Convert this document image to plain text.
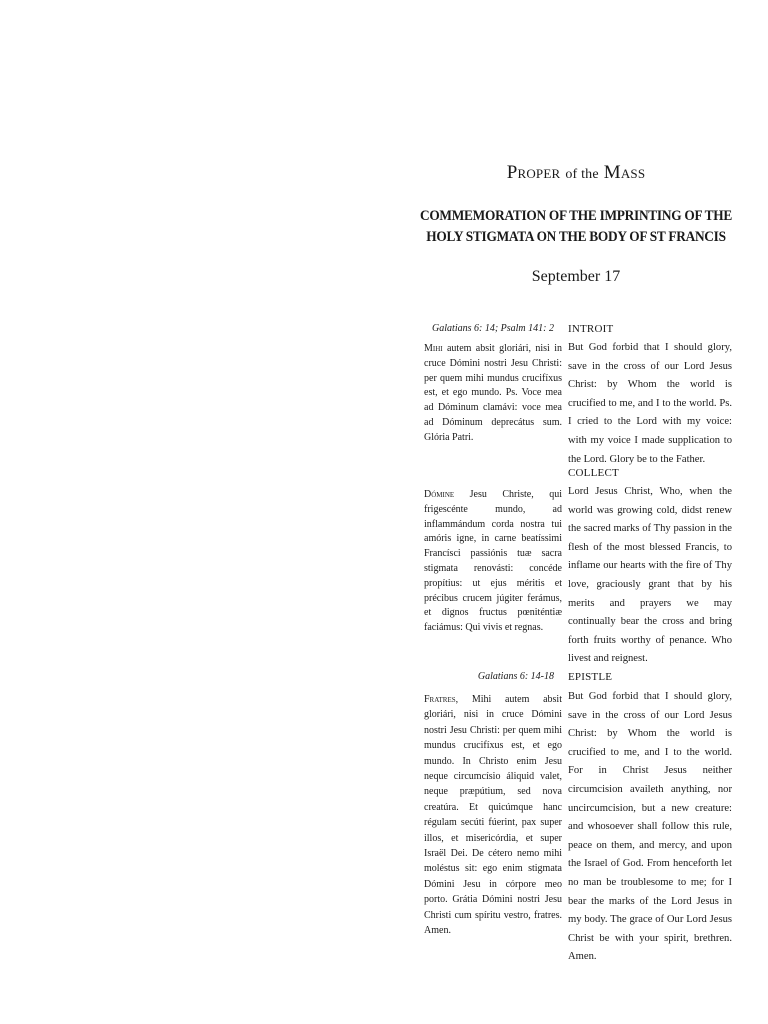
Proper of the Mass

COMMEMORATION OF THE IMPRINTING OF THE HOLY STIGMATA ON THE BODY OF ST FRANCIS

September 17

Galatians 6: 14; Psalm 141: 2 INTROIT
Mihi autem absit gloriári, nisi in cruce Dómini nostri Jesu Christi: per quem mihi mundus crucifíxus est, et ego mundo. Ps. Voce mea ad Dóminum clamávi: voce mea ad Dóminum deprecátus sum. Glória Patri.
But God forbid that I should glory, save in the cross of our Lord Jesus Christ: by Whom the world is crucified to me, and I to the world. Ps. I cried to the Lord with my voice: with my voice I made supplication to the Lord. Glory be to the Father.
COLLECT
Dómine Jesu Christe, qui frigescénte mundo, ad inflammándum corda nostra tui amóris igne, in carne beatíssimi Francísci passiónis tuæ sacra stigmata renovásti: concéde propítius: ut ejus méritis et précibus crucem júgiter ferámus, et dignos fructus pœniténtiæ faciámus: Qui vivis et regnas.
Lord Jesus Christ, Who, when the world was growing cold, didst renew the sacred marks of Thy passion in the flesh of the most blessed Francis, to inflame our hearts with the fire of Thy love, graciously grant that by his merits and prayers we may continually bear the cross and bring forth fruits worthy of penance. Who livest and reignest.
Galatians 6: 14-18 EPISTLE
Fratres, Mihi autem absit gloriári, nisi in cruce Dómini nostri Jesu Christi: per quem mihi mundus crucifíxus est, et ego mundo. In Christo enim Jesu neque circumcísio áliquid valet, neque præpútium, sed nova creatúra. Et quicúmque hanc régulam secúti fúerint, pax super illos, et misericórdia, et super Israël Dei. De cétero nemo mihi moléstus sit: ego enim stigmata Dómini Jesu in córpore meo porto. Grátia Dómini nostri Jesu Christi cum spíritu vestro, fratres. Amen.
But God forbid that I should glory, save in the cross of our Lord Jesus Christ: by Whom the world is crucified to me, and I to the world. For in Christ Jesus neither circumcision availeth anything, nor uncircumcision, but a new creature: and whosoever shall follow this rule, peace on them, and mercy, and upon the Israel of God. From henceforth let no man be troublesome to me; for I bear the marks of the Lord Jesus in my body. The grace of Our Lord Jesus Christ be with your spirit, brethren. Amen.
